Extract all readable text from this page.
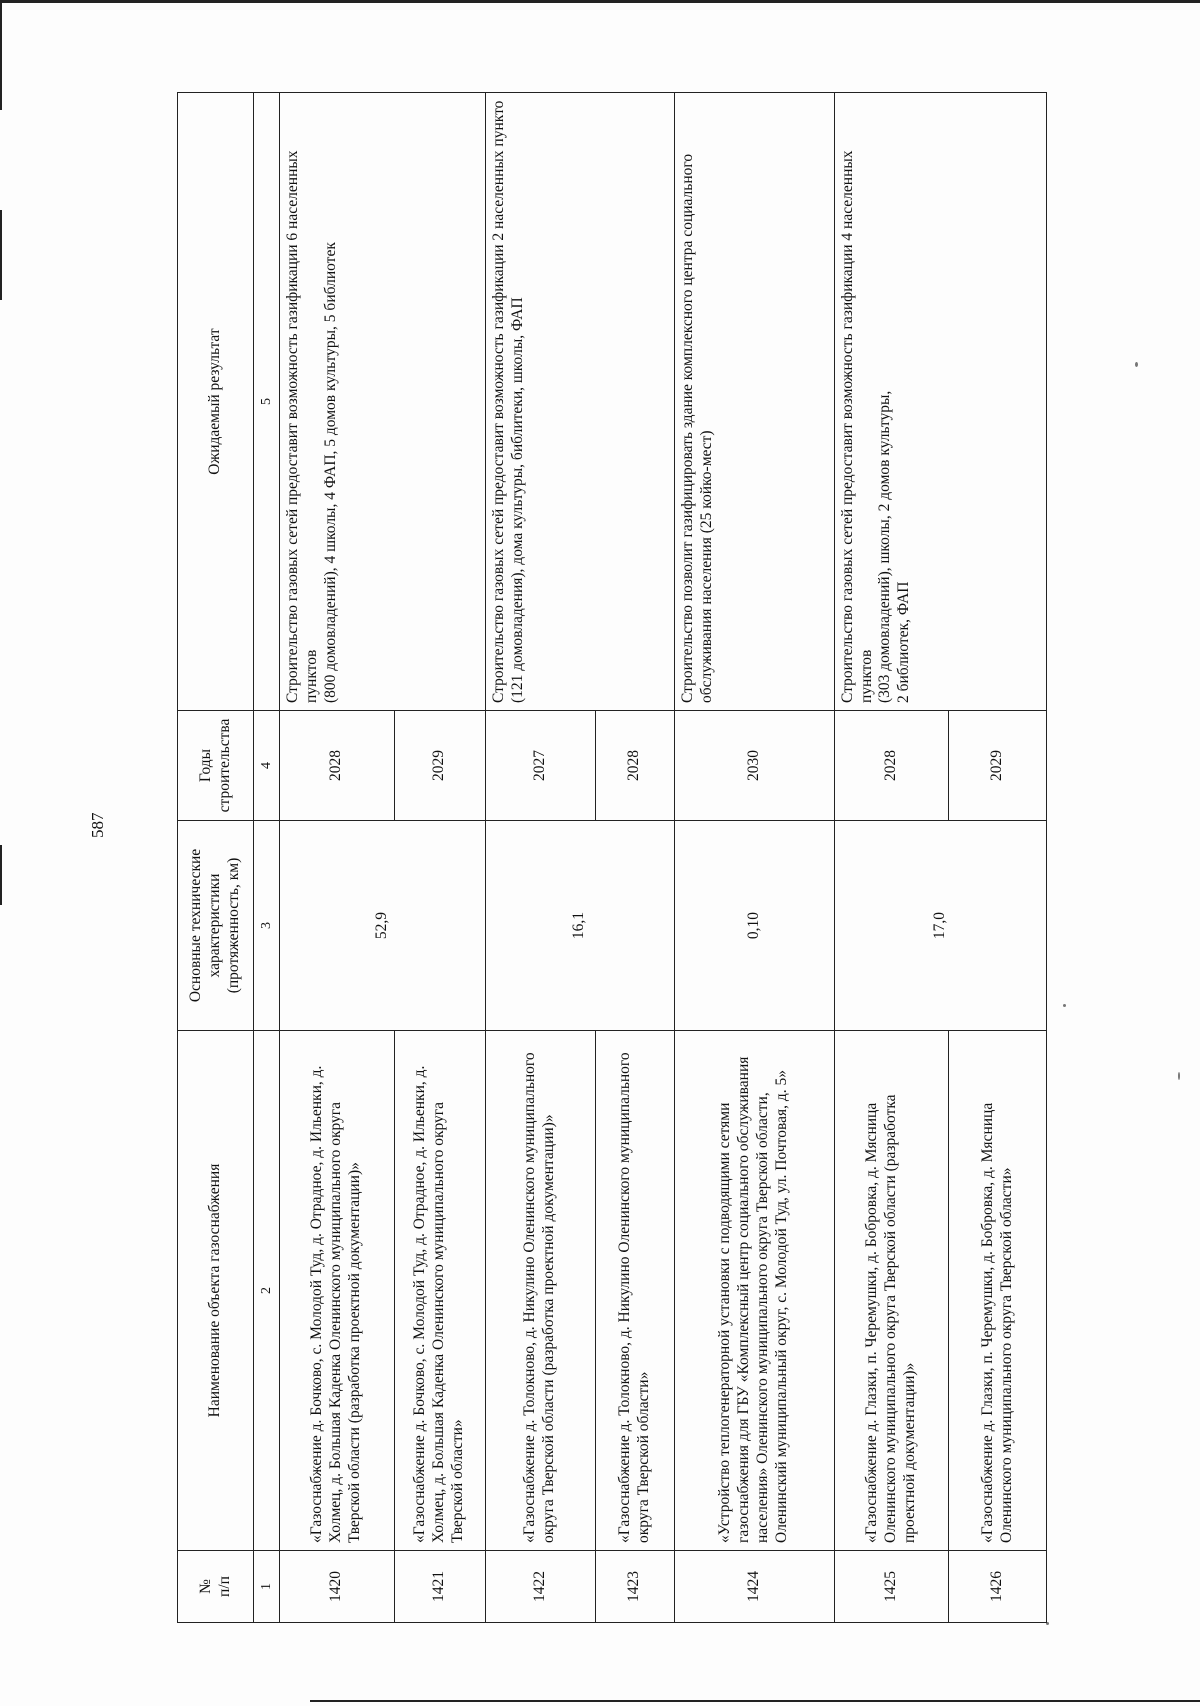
587
№
п/п	Наименование объекта газоснабжения	Основные технические характеристики (протяженность, км)	Годы строительства	Ожидаемый результат
1	2	3	4	5
1420	«Газоснабжение д. Бочково, с. Молодой Туд, д. Отрадное, д. Ильенки, д. Холмец, д. Большая Каденка Оленинского муниципального округа Тверской области (разработка проектной документации)»	52,9	2028	Строительство газовых сетей предоставит возможность газификации 6 населенных пунктов (800 домовладений), 4 школы, 4 ФАП, 5 домов культуры, 5 библиотек

1421	«Газоснабжение д. Бочково, с. Молодой Туд, д. Отрадное, д. Ильенки, д. Холмец, д. Большая Каденка Оленинского муниципального округа Тверской области»		2029	
1422	«Газоснабжение д. Толокново, д. Никулино Оленинского муниципального округа Тверской области (разработка проектной документации)»	16,1	2027	Строительство газовых сетей предоставит возможность газификации 2 населенных пункто (121 домовладения), дома культуры, библитеки, школы, ФАП

1423	«Газоснабжение д. Толокново, д. Никулино Оленинского муниципального округа Тверской области»		2028	
1424	«Устройство теплогенераторной установки с подводящими сетями газоснабжения для ГБУ «Комплексный центр социального обслуживания населения» Оленинского муниципального округа Тверской области, Оленинский муниципальный округ, с. Молодой Туд, ул. Почтовая, д. 5»	0,10	2030	Строительство позволит газифицировать здание комплексного центра социального обслуживания населения (25 койко-мест)

1425	«Газоснабжение д. Глазки, п. Черемушки, д. Бобровка, д. Мясница Оленинского муниципального округа Тверской области (разработка проектной документации)»	17,0	2028	Строительство газовых сетей предоставит возможность газификации 4 населенных пунктов (303 домовладений), школы, 2 домов культуры, 2 библиотек, ФАП

1426	«Газоснабжение д. Глазки, п. Черемушки, д. Бобровка, д. Мясница Оленинского муниципального округа Тверской области»		2029	
